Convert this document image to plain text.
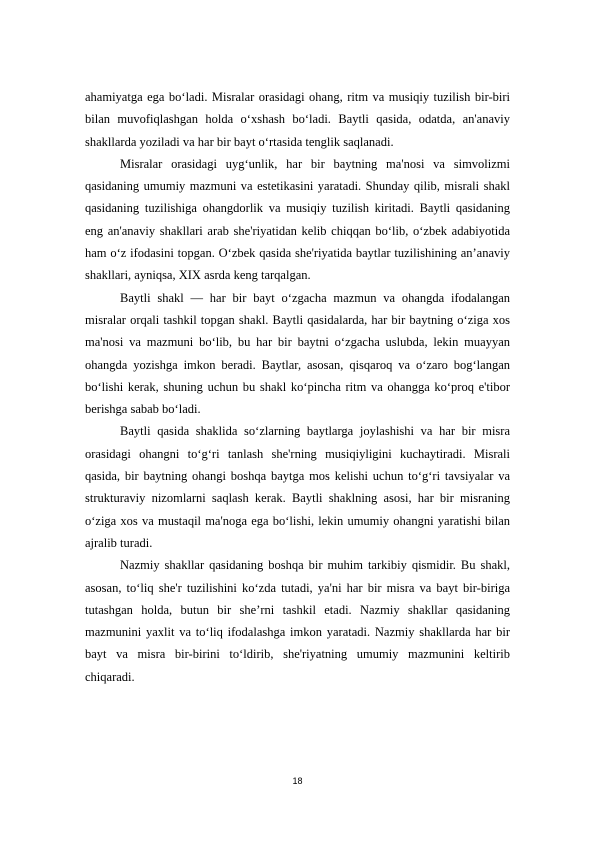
ahamiyatga ega bo‘ladi. Misralar orasidagi ohang, ritm va musiqiy tuzilish bir-biri bilan muvofiqlashgan holda o‘xshash bo‘ladi. Baytli qasida, odatda, an'anaviy shakllarda yoziladi va har bir bayt o‘rtasida tenglik saqlanadi.

Misralar orasidagi uyg‘unlik, har bir baytning ma'nosi va simvolizmi qasidaning umumiy mazmuni va estetikasini yaratadi. Shunday qilib, misrali shakl qasidaning tuzilishiga ohangdorlik va musiqiy tuzilish kiritadi. Baytli qasidaning eng an'anaviy shakllari arab she'riyatidan kelib chiqqan bo‘lib, o‘zbek adabiyotida ham o‘z ifodasini topgan. O‘zbek qasida she'riyatida baytlar tuzilishining an’anaviy shakllari, ayniqsa, XIX asrda keng tarqalgan.

Baytli shakl — har bir bayt o‘zgacha mazmun va ohangda ifodalangan misralar orqali tashkil topgan shakl. Baytli qasidalarda, har bir baytning o‘ziga xos ma'nosi va mazmuni bo‘lib, bu har bir baytni o‘zgacha uslubda, lekin muayyan ohangda yozishga imkon beradi. Baytlar, asosan, qisqaroq va o‘zaro bog‘langan bo‘lishi kerak, shuning uchun bu shakl ko‘pincha ritm va ohangga ko‘proq e'tibor berishga sabab bo‘ladi.

Baytli qasida shaklida so‘zlarning baytlarga joylashishi va har bir misra orasidagi ohangni to‘g‘ri tanlash she'rning musiqiyligini kuchaytiradi. Misrali qasida, bir baytning ohangi boshqa baytga mos kelishi uchun to‘g‘ri tavsiyalar va strukturaviy nizomlarni saqlash kerak. Baytli shaklning asosi, har bir misraning o‘ziga xos va mustaqil ma'noga ega bo‘lishi, lekin umumiy ohangni yaratishi bilan ajralib turadi.

Nazmiy shakllar qasidaning boshqa bir muhim tarkibiy qismidir. Bu shakl, asosan, to‘liq she'r tuzilishini ko‘zda tutadi, ya'ni har bir misra va bayt bir-biriga tutashgan holda, butun bir she’rni tashkil etadi. Nazmiy shakllar qasidaning mazmunini yaxlit va to‘liq ifodalashga imkon yaratadi. Nazmiy shakllarda har bir bayt va misra bir-birini to‘ldirib, she'riyatning umumiy mazmunini keltirib chiqaradi.

18
